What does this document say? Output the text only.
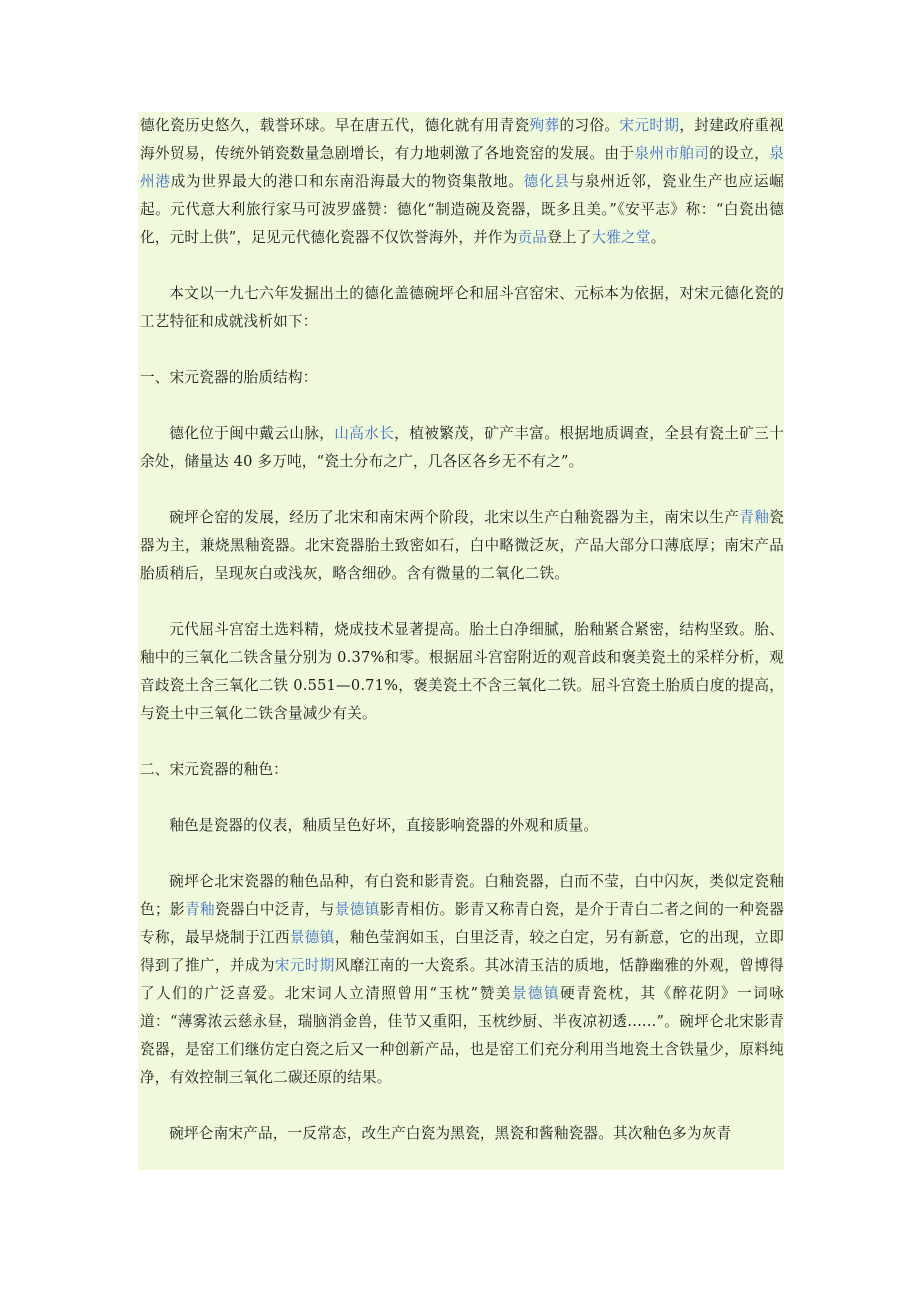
德化瓷历史悠久，载誉环球。早在唐五代，德化就有用青瓷殉葬的习俗。宋元时期，封建政府重视海外贸易，传统外销瓷数量急剧增长，有力地刺激了各地瓷窑的发展。由于泉州市舶司的设立，泉州港成为世界最大的港口和东南沿海最大的物资集散地。德化县与泉州近邻，瓷业生产也应运崛起。元代意大利旅行家马可波罗盛赞：德化“制造碗及瓷器，既多且美。”《安平志》称：“白瓷出德化，元时上供”，足见元代德化瓷器不仅饮誉海外，并作为贡品登上了大雅之堂。

本文以一九七六年发掘出土的德化盖德碗坪仑和屈斗宫窑宋、元标本为依据，对宋元德化瓷的工艺特征和成就浅析如下：

一、宋元瓷器的胎质结构：

德化位于闽中戴云山脉，山高水长，植被繁茂，矿产丰富。根据地质调查，全县有瓷土矿三十余处，储量达 40 多万吨，“瓷土分布之广，几各区各乡无不有之”。

碗坪仑窑的发展，经历了北宋和南宋两个阶段，北宋以生产白釉瓷器为主，南宋以生产青釉瓷器为主，兼烧黑釉瓷器。北宋瓷器胎土致密如石，白中略微泛灰，产品大部分口薄底厚；南宋产品胎质稍后，呈现灰白或浅灰，略含细砂。含有微量的二氧化二铁。

元代屈斗宫窑土选料精，烧成技术显著提高。胎土白净细腻，胎釉紧合紧密，结构坚致。胎、釉中的三氧化二铁含量分别为 0.37%和零。根据屈斗宫窑附近的观音歧和褒美瓷土的采样分析，观音歧瓷土含三氧化二铁 0.551—0.71%，褒美瓷土不含三氧化二铁。屈斗宫瓷土胎质白度的提高，与瓷土中三氧化二铁含量减少有关。

二、宋元瓷器的釉色：

釉色是瓷器的仪表，釉质呈色好坏，直接影响瓷器的外观和质量。

碗坪仑北宋瓷器的釉色品种，有白瓷和影青瓷。白釉瓷器，白而不莹，白中闪灰，类似定瓷釉色；影青釉瓷器白中泛青，与景德镇影青相仿。影青又称青白瓷，是介于青白二者之间的一种瓷器专称，最早烧制于江西景德镇，釉色莹润如玉，白里泛青，较之白定，另有新意，它的出现，立即得到了推广，并成为宋元时期风靡江南的一大瓷系。其冰清玉洁的质地，恬静幽雅的外观，曾博得了人们的广泛喜爱。北宋词人立清照曾用“玉枕”赞美景德镇硬青瓷枕，其《醉花阴》一词咏道：“薄雾浓云慈永昼，瑞脑消金兽，佳节又重阳，玉枕纱厨、半夜凉初透......”。碗坪仑北宋影青瓷器，是窑工们继仿定白瓷之后又一种创新产品，也是窑工们充分利用当地瓷土含铁量少，原料纯净，有效控制三氧化二碳还原的结果。

碗坪仑南宋产品，一反常态，改生产白瓷为黑瓷，黑瓷和酱釉瓷器。其次釉色多为灰青
